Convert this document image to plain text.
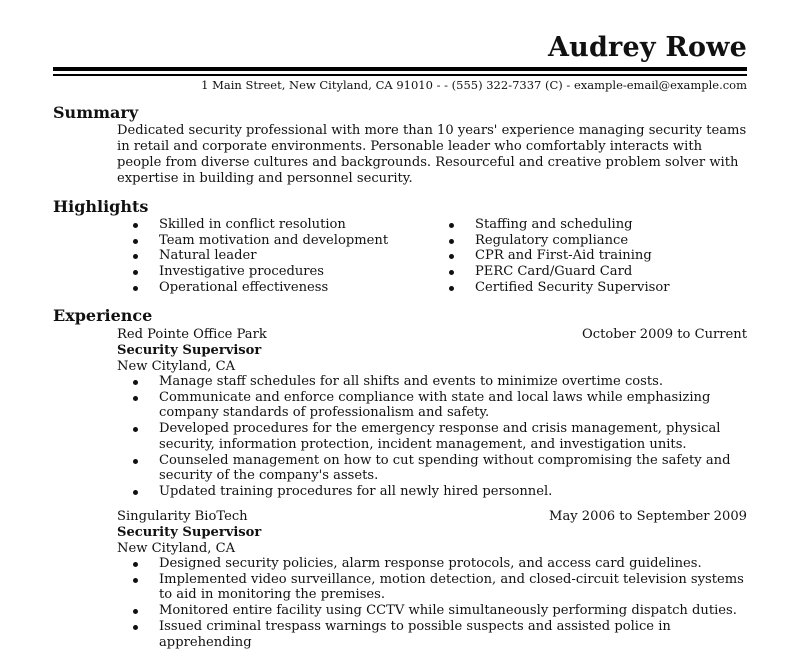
Audrey Rowe
1 Main Street, New Cityland, CA 91010 - - (555) 322-7337 (C) - example-email@example.com
Summary
Dedicated security professional with more than 10 years' experience managing security teams in retail and corporate environments. Personable leader who comfortably interacts with people from diverse cultures and backgrounds. Resourceful and creative problem solver with expertise in building and personnel security.
Highlights
Skilled in conflict resolution
Team motivation and development
Natural leader
Investigative procedures
Operational effectiveness
Staffing and scheduling
Regulatory compliance
CPR and First-Aid training
PERC Card/Guard Card
Certified Security Supervisor
Experience
Red Pointe Office Park	October 2009 to Current
Security Supervisor
New Cityland, CA
Manage staff schedules for all shifts and events to minimize overtime costs.
Communicate and enforce compliance with state and local laws while emphasizing company standards of professionalism and safety.
Developed procedures for the emergency response and crisis management, physical security, information protection, incident management, and investigation units.
Counseled management on how to cut spending without compromising the safety and security of the company's assets.
Updated training procedures for all newly hired personnel.
Singularity BioTech	May 2006 to September 2009
Security Supervisor
New Cityland, CA
Designed security policies, alarm response protocols, and access card guidelines.
Implemented video surveillance, motion detection, and closed-circuit television systems to aid in monitoring the premises.
Monitored entire facility using CCTV while simultaneously performing dispatch duties.
Issued criminal trespass warnings to possible suspects and assisted police in apprehending
